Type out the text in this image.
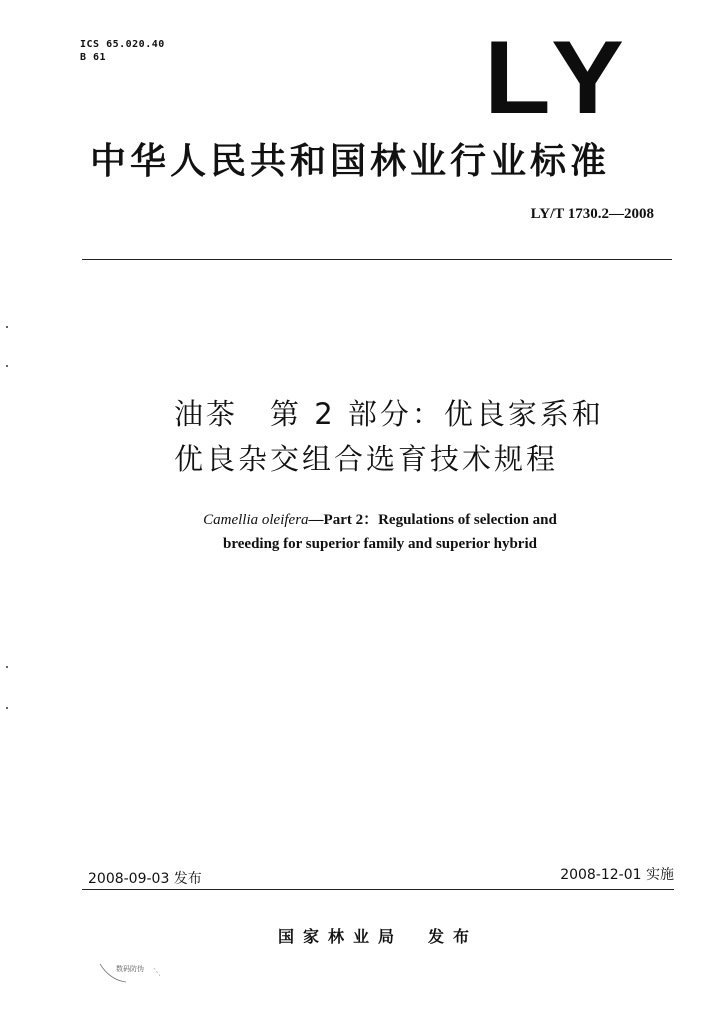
ICS 65.020.40
B 61	LY
中华人民共和国林业行业标准
LY/T 1730.2—2008
油茶　第 2 部分：优良家系和
优良杂交组合选育技术规程
Camellia oleifera—Part 2：Regulations of selection and
breeding for superior family and superior hybrid
2008-09-03 发布	2008-12-01 实施
国家林业局　发布
数码防伪
